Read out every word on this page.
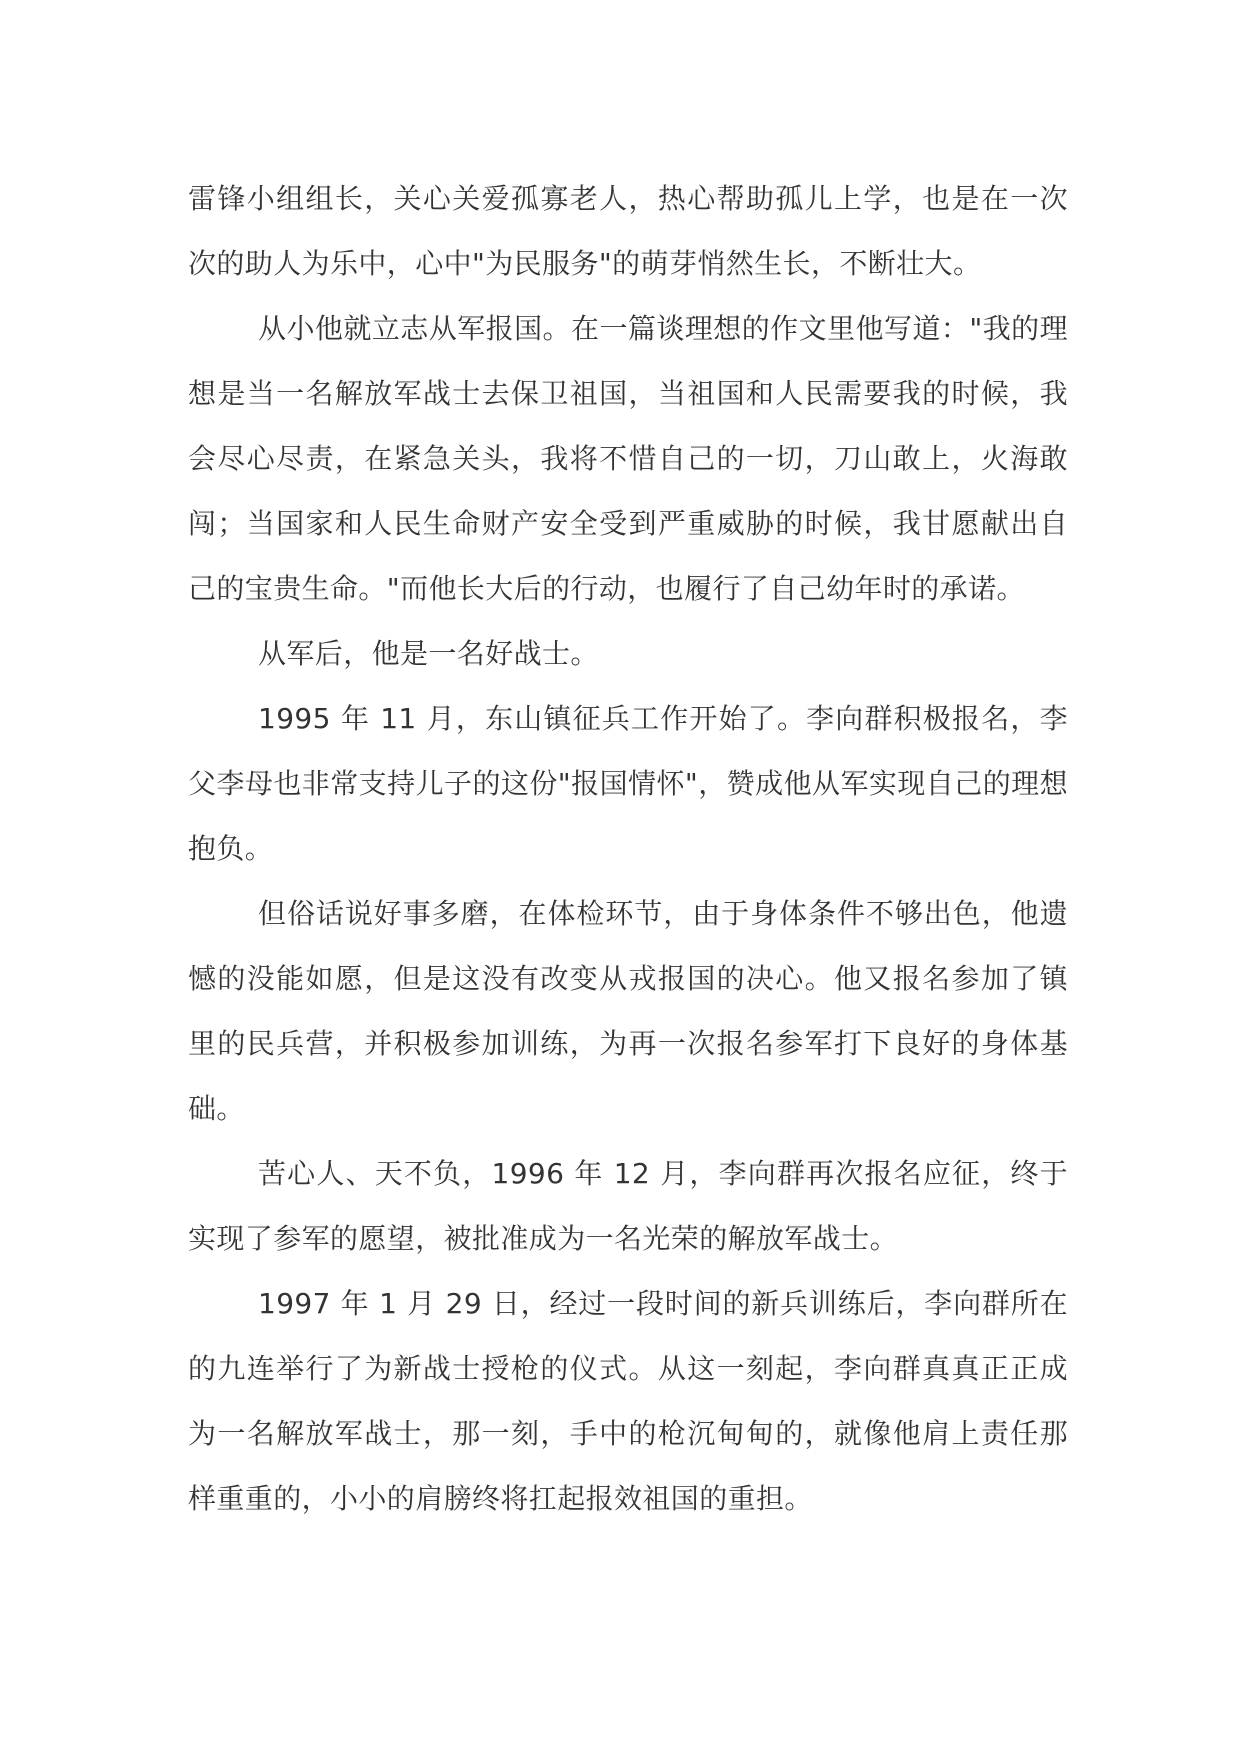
雷锋小组组长，关心关爱孤寡老人，热心帮助孤儿上学，也是在一次次的助人为乐中，心中"为民服务"的萌芽悄然生长，不断壮大。

从小他就立志从军报国。在一篇谈理想的作文里他写道："我的理想是当一名解放军战士去保卫祖国，当祖国和人民需要我的时候，我会尽心尽责，在紧急关头，我将不惜自己的一切，刀山敢上，火海敢闯；当国家和人民生命财产安全受到严重威胁的时候，我甘愿献出自己的宝贵生命。"而他长大后的行动，也履行了自己幼年时的承诺。

从军后，他是一名好战士。

1995 年 11 月，东山镇征兵工作开始了。李向群积极报名，李父李母也非常支持儿子的这份"报国情怀"，赞成他从军实现自己的理想抱负。

但俗话说好事多磨，在体检环节，由于身体条件不够出色，他遗憾的没能如愿，但是这没有改变从戎报国的决心。他又报名参加了镇里的民兵营，并积极参加训练，为再一次报名参军打下良好的身体基础。

苦心人、天不负，1996 年 12 月，李向群再次报名应征，终于实现了参军的愿望，被批准成为一名光荣的解放军战士。

1997 年 1 月 29 日，经过一段时间的新兵训练后，李向群所在的九连举行了为新战士授枪的仪式。从这一刻起，李向群真真正正成为一名解放军战士，那一刻，手中的枪沉甸甸的，就像他肩上责任那样重重的，小小的肩膀终将扛起报效祖国的重担。
